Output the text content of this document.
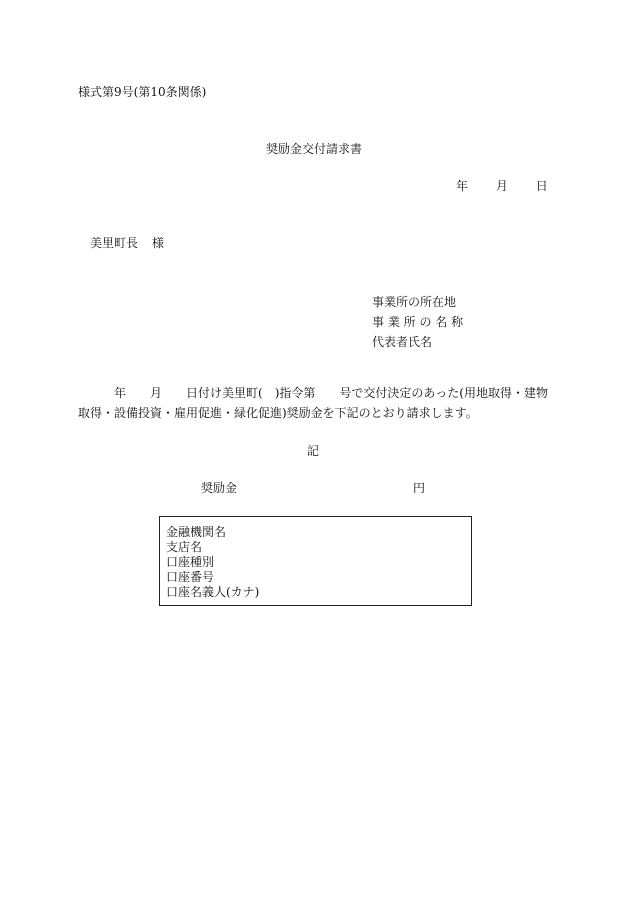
様式第9号(第10条関係)
奨励金交付請求書
年 月 日
美里町長 様
事業所の所在地
事 業 所 の 名 称
代表者氏名
年 月 日付け美里町(　)指令第　　号で交付決定のあった(用地取得・建物
取得・設備投資・雇用促進・緑化促進)奨励金を下記のとおり請求します。
記
奨励金	円
金融機関名
支店名
口座種別
口座番号
口座名義人(カナ)
